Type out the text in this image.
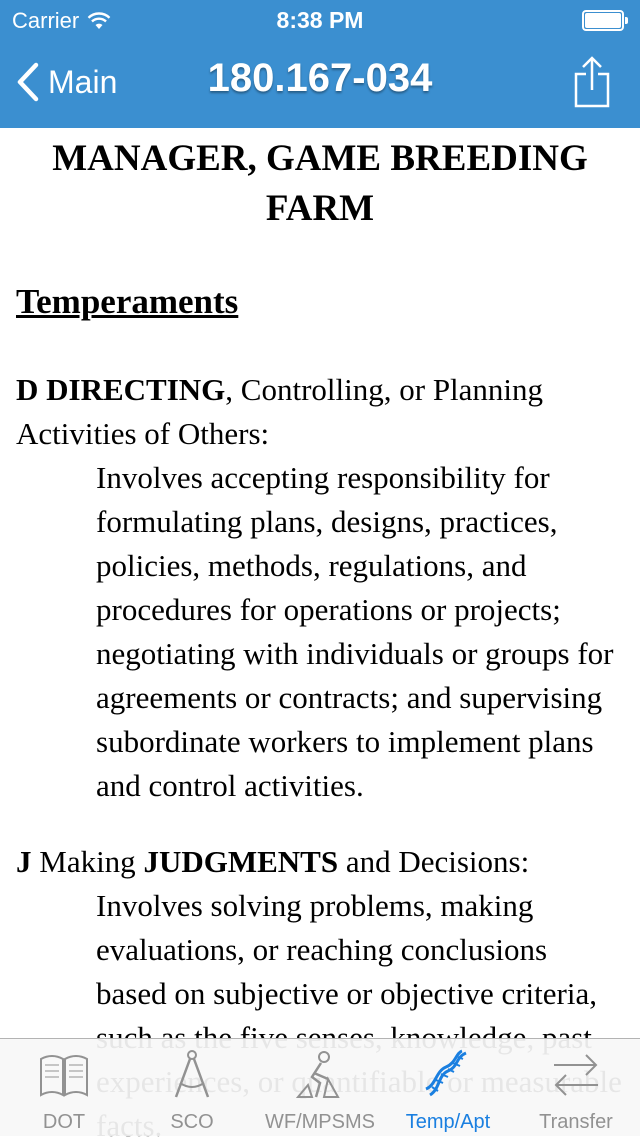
Carrier	8:38 PM
Main	180.167-034
MANAGER, GAME BREEDING FARM
Temperaments
D DIRECTING, Controlling, or Planning Activities of Others:
Involves accepting responsibility for formulating plans, designs, practices, policies, methods, regulations, and procedures for operations or projects; negotiating with individuals or groups for agreements or contracts; and supervising subordinate workers to implement plans and control activities.
J Making JUDGMENTS and Decisions:
Involves solving problems, making evaluations, or reaching conclusions based on subjective or objective criteria,
DOT	SCO	WF/MPSMS	Temp/Apt	Transfer
